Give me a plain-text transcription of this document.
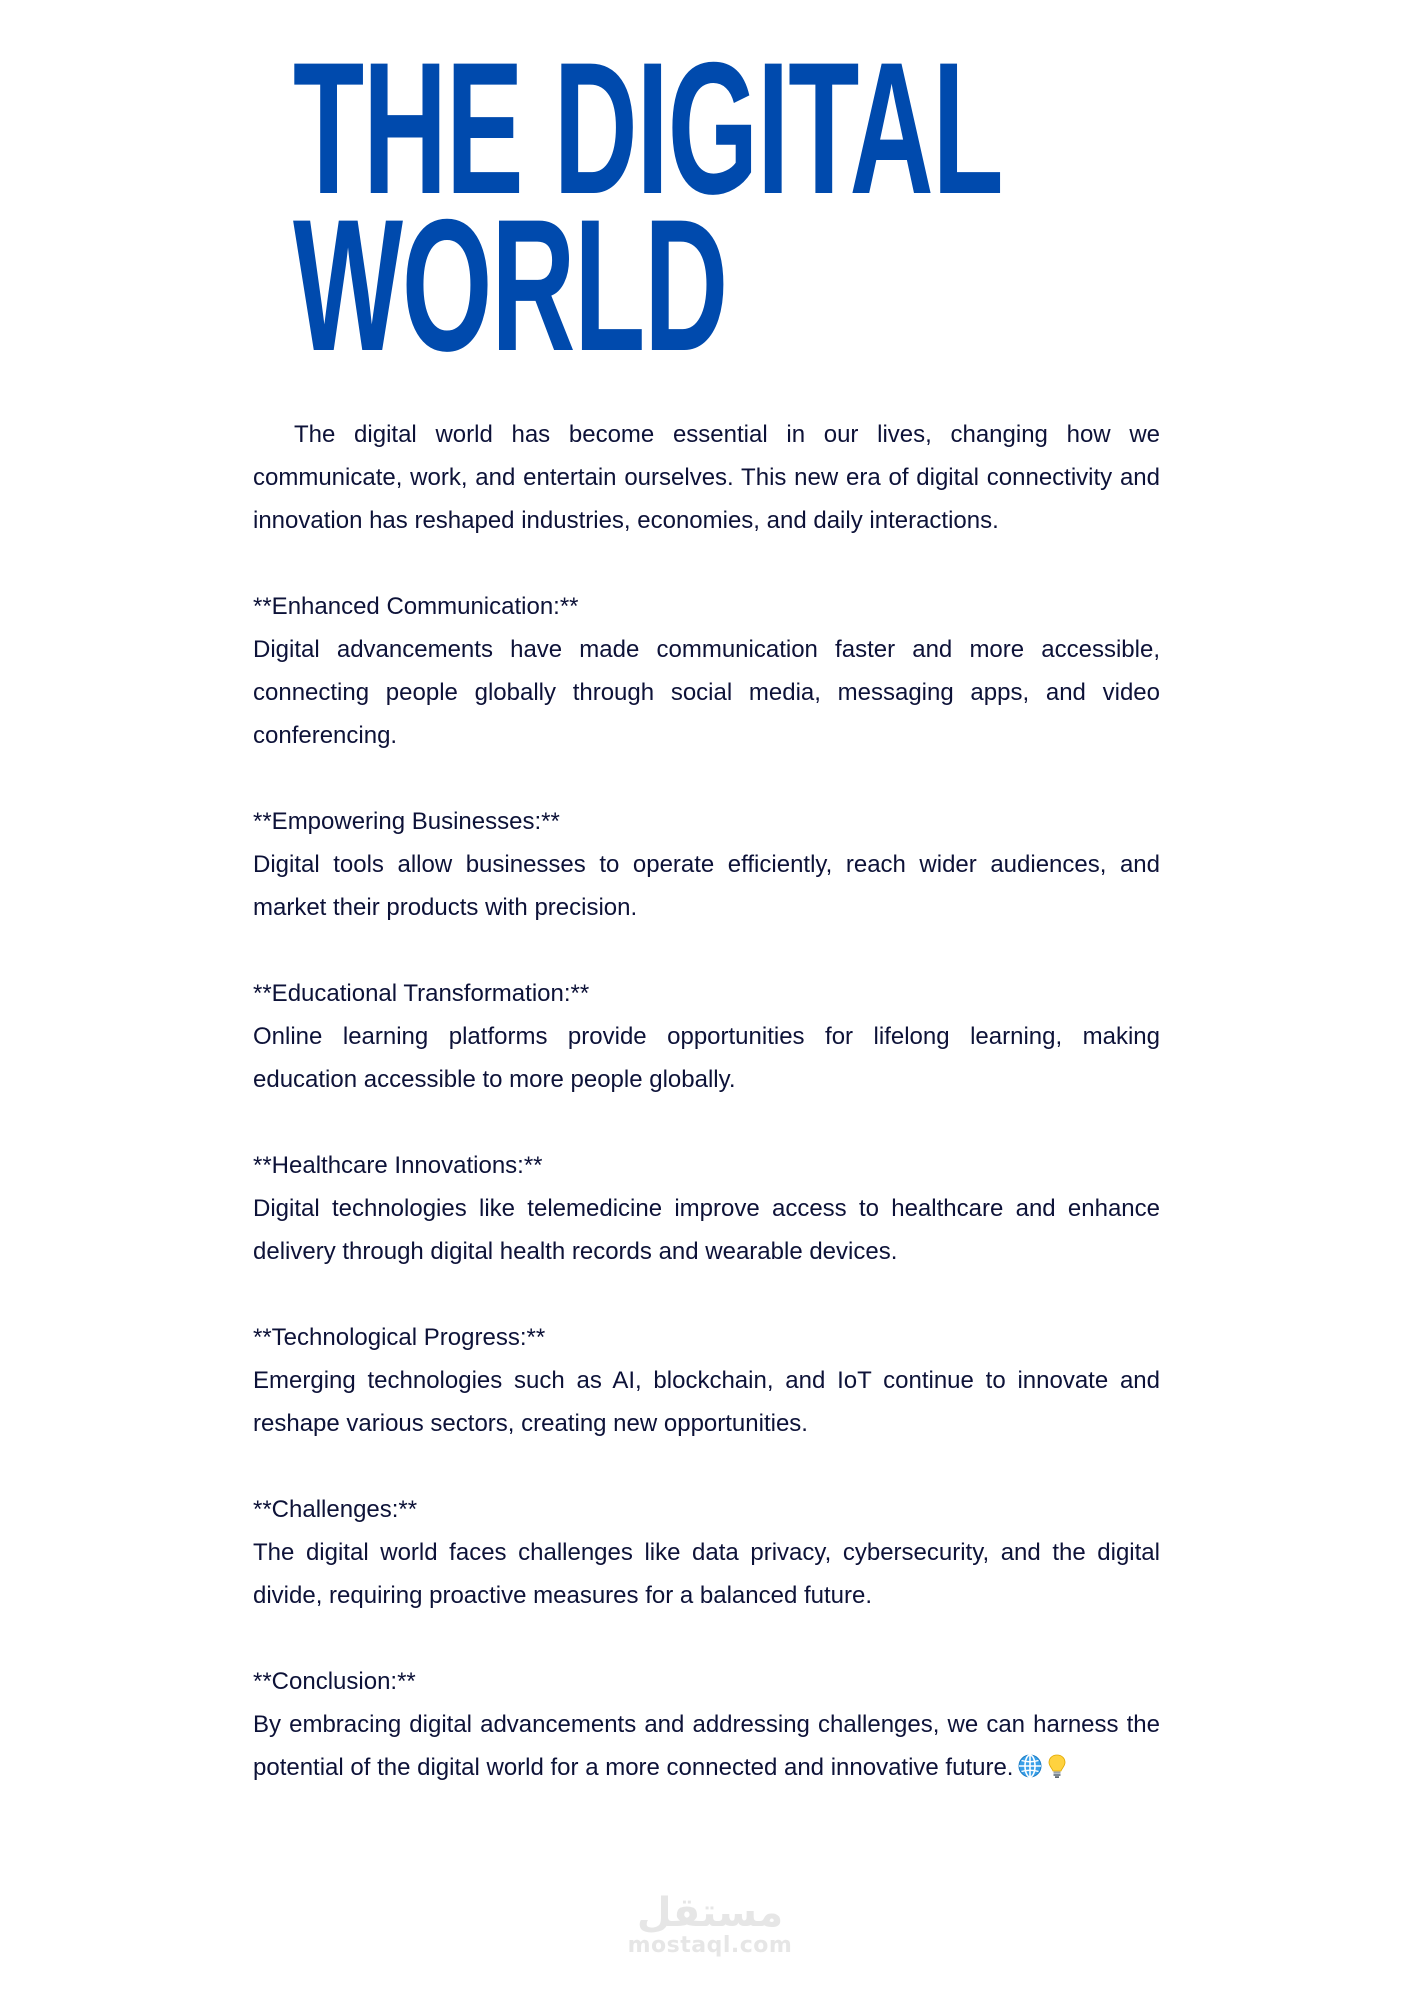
THE DIGITAL
WORLD

The digital world has become essential in our lives, changing how we communicate, work, and entertain ourselves. This new era of digital connectivity and innovation has reshaped industries, economies, and daily interactions.

**Enhanced Communication:**
Digital advancements have made communication faster and more accessible, connecting people globally through social media, messaging apps, and video conferencing.

**Empowering Businesses:**
Digital tools allow businesses to operate efficiently, reach wider audiences, and market their products with precision.

**Educational Transformation:**
Online learning platforms provide opportunities for lifelong learning, making education accessible to more people globally.

**Healthcare Innovations:**
Digital technologies like telemedicine improve access to healthcare and enhance delivery through digital health records and wearable devices.

**Technological Progress:**
Emerging technologies such as AI, blockchain, and IoT continue to innovate and reshape various sectors, creating new opportunities.

**Challenges:**
The digital world faces challenges like data privacy, cybersecurity, and the digital divide, requiring proactive measures for a balanced future.

**Conclusion:**
By embracing digital advancements and addressing challenges, we can harness the potential of the digital world for a more connected and innovative future.

مستقل
mostaql.com
